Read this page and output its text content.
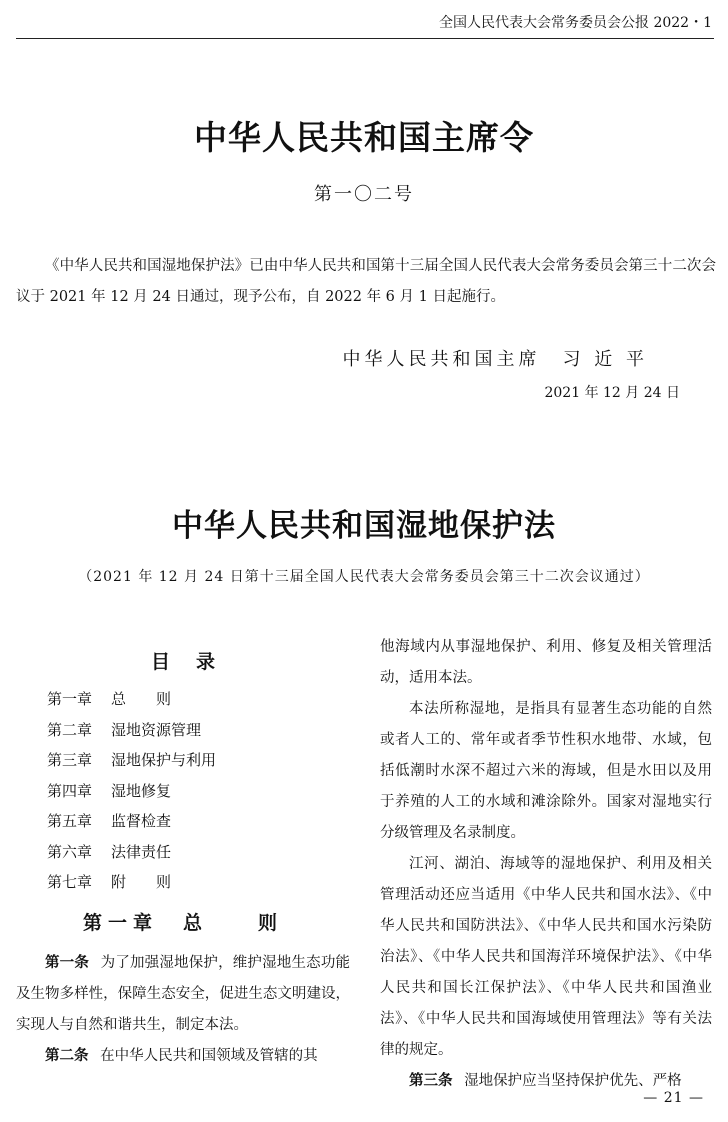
全国人民代表大会常务委员会公报 2022・1
中华人民共和国主席令
第一〇二号

《中华人民共和国湿地保护法》已由中华人民共和国第十三届全国人民代表大会常务委员会第三十二次会议于 2021 年 12 月 24 日通过，现予公布，自 2022 年 6 月 1 日起施行。

中华人民共和国主席　习 近 平
2021 年 12 月 24 日
中华人民共和国湿地保护法
（2021 年 12 月 24 日第十三届全国人民代表大会常务委员会第三十二次会议通过）
目录
第一章 总　　则
第二章 湿地资源管理
第三章 湿地保护与利用
第四章 湿地修复
第五章 监督检查
第六章 法律责任
第七章 附　　则
第一章　总　　则

第一条 为了加强湿地保护，维护湿地生态功能及生物多样性，保障生态安全，促进生态文明建设，实现人与自然和谐共生，制定本法。

第二条 在中华人民共和国领域及管辖的其

他海域内从事湿地保护、利用、修复及相关管理活动，适用本法。

本法所称湿地，是指具有显著生态功能的自然或者人工的、常年或者季节性积水地带、水域，包括低潮时水深不超过六米的海域，但是水田以及用于养殖的人工的水域和滩涂除外。国家对湿地实行分级管理及名录制度。

江河、湖泊、海域等的湿地保护、利用及相关管理活动还应当适用《中华人民共和国水法》、《中华人民共和国防洪法》、《中华人民共和国水污染防治法》、《中华人民共和国海洋环境保护法》、《中华人民共和国长江保护法》、《中华人民共和国渔业法》、《中华人民共和国海域使用管理法》等有关法律的规定。

第三条 湿地保护应当坚持保护优先、严格

— 21 —
